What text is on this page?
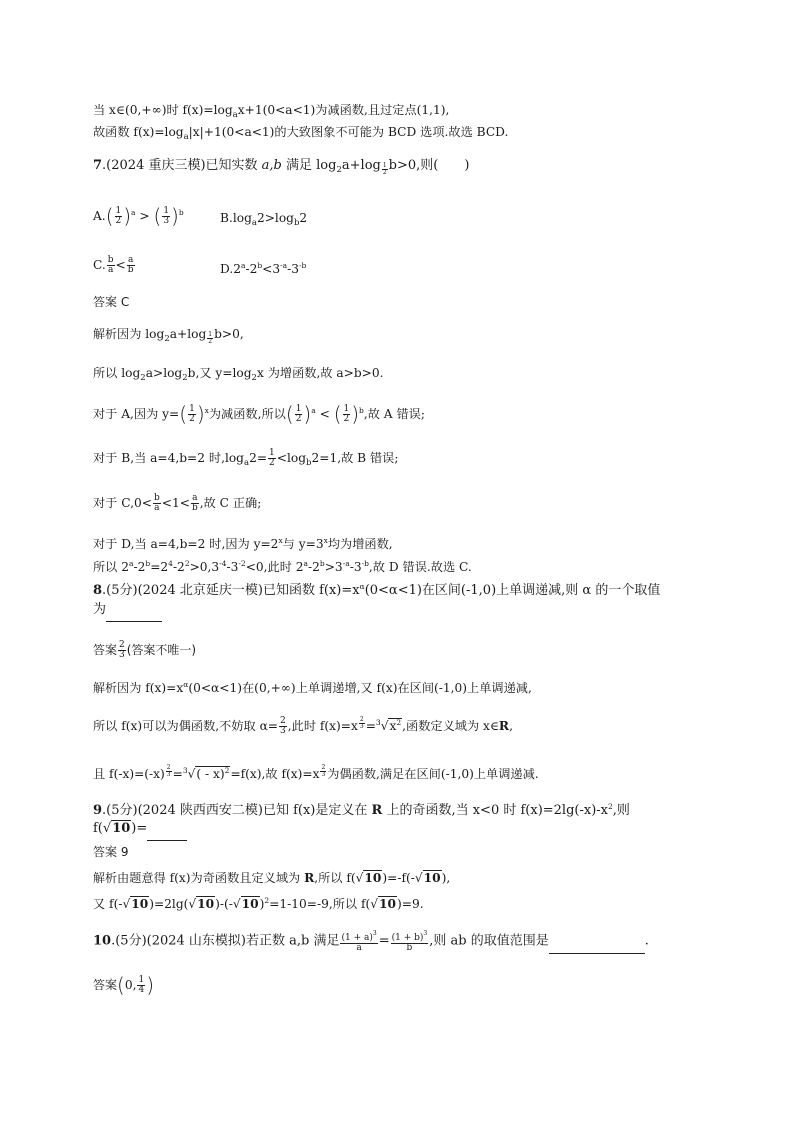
当 x∈(0,+∞)时 $f(x)=\log_ax+1(0<a<1)$为减函数,且过定点(1,1),
故函数 $f(x)=\log_a|x|+1(0<a<1)$的大致图象不可能为 BCD 选项.故选 BCD.
7.(2024 重庆三模)已知实数 a,b 满足 $\log_2a+\log$ $_{\frac{1}{2}}$ b>0,则(　　)
$A.( \frac{1}{2} )^a$ > ( $\frac{1}{3} )^b$	$B.\log_a2>\log_b2$
C. $\frac{b}{a} < \frac{a}{b}$	$D.2^a-2^b<3^{-a}-3^{-b}$
答案 C
解析因为 $\log_2a+\log$ $_{\frac{1}{2}}$ b>0,
所以 $\log_2a>\log_2b$,又 $y=\log_2x$ 为增函数,故 a>b>0.
对于 A,因为 $y=( \frac{1}{2} )^x$为减函数,所以( $\frac{1}{2} )^a$ < ( $\frac{1}{2} )^b$,故 A 错误;
对于 B,当 a=4,b=2 时$,\log_a2= \frac{1}{2} <\log_b2=1$,故 B 错误;
对于 $C,0< \frac{b}{a} <1< \frac{a}{b}$ ,故 C 正确;
对于 D,当 a=4,b=2 时,因为 $y=2^x$与 $y=3^x$均为增函数,
所以 $2^a-2^b=2^4-2^2>0,3^{-4}-3^{-2}<0$,此时 $2^a-2^b>3^{-a}-3^{-b}$,故 D 错误.故选 C.
8.(5分)(2024 北京延庆一模)已知函数 $f(x)=x^\alpha(0<\alpha<1)$在区间(-1,0)上单调递减,则 α 的一个取值
为
答案 $\frac{2}{3}$ (答案不唯一)
解析因为 $f(x)=x^\alpha(0<\alpha<1)$在(0,+∞)上单调递增,又 f(x)在区间(-1,0)上单调递减,
所以 f(x)可以为偶函数,不妨取 $\alpha= \frac{2}{3}$ ,此时 f(x)=x $^{\frac{2}{3}} =^3√x^2$,函数定义域为 x∈R,
且 f(-x)=(-x) $^{\frac{2}{3}}$ =$^3$√( - x)$^2$=f(x),故 f(x)=x $^{\frac{2}{3}}$ 为偶函数,满足在区间(-1,0)上单调递减.
9.(5分)(2024 陕西西安二模)已知 f(x)是定义在 R 上的奇函数,当 x<0 时 $f(x)=2\lg(-x)-x^2$,则
f(√10)=
答案 9
解析由题意得 f(x)为奇函数且定义域为 R,所以 f(√10)=-f(-√10),
又 $f(-√10)=2\lg(√10)-(-√10)^2=1-10=-9$,所以 f(√10)=9.
10.(5分)(2024 山东模拟)若正数 a,b 满足 $\frac{(1 + a)^3}{a} = \frac{(1 + b)^3}{b}$ ,则 ab 的取值范围是	.
答案(0, $\frac{1}{4}$ )
